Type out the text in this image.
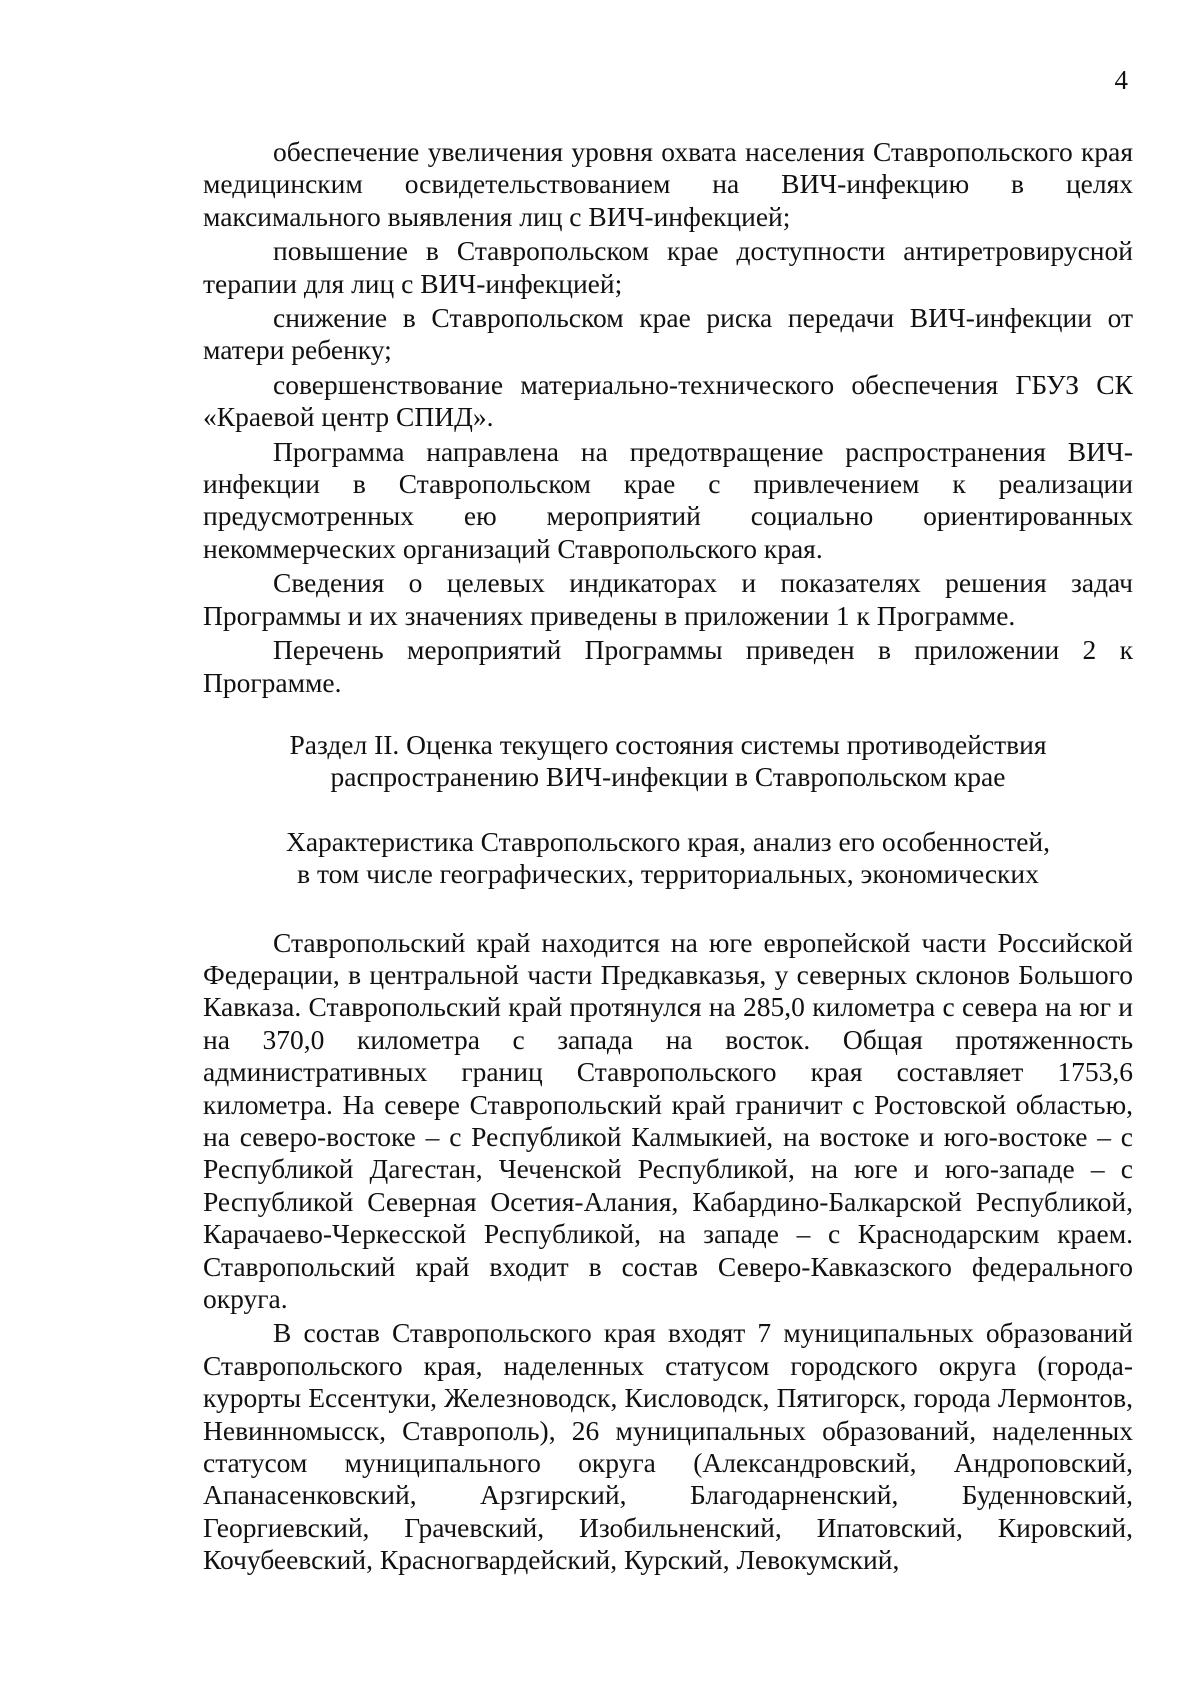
4

обеспечение увеличения уровня охвата населения Ставропольского края медицинским освидетельствованием на ВИЧ-инфекцию в целях максимального выявления лиц с ВИЧ-инфекцией;

повышение в Ставропольском крае доступности антиретровирусной терапии для лиц с ВИЧ-инфекцией;

снижение в Ставропольском крае риска передачи ВИЧ-инфекции от матери ребенку;

совершенствование материально-технического обеспечения ГБУЗ СК «Краевой центр СПИД».

Программа направлена на предотвращение распространения ВИЧ-инфекции в Ставропольском крае с привлечением к реализации предусмотренных ею мероприятий социально ориентированных некоммерческих организаций Ставропольского края.

Сведения о целевых индикаторах и показателях решения задач Программы и их значениях приведены в приложении 1 к Программе.

Перечень мероприятий Программы приведен в приложении 2 к Программе.

Раздел II. Оценка текущего состояния системы противодействия
распространению ВИЧ-инфекции в Ставропольском крае
Характеристика Ставропольского края, анализ его особенностей,
в том числе географических, территориальных, экономических

Ставропольский край находится на юге европейской части Российской Федерации, в центральной части Предкавказья, у северных склонов Большого Кавказа. Ставропольский край протянулся на 285,0 километра с севера на юг и на 370,0 километра с запада на восток. Общая протяженность административных границ Ставропольского края составляет 1753,6 километра. На севере Ставропольский край граничит с Ростовской областью, на северо-востоке – с Республикой Калмыкией, на востоке и юго-востоке – с Республикой Дагестан, Чеченской Республикой, на юге и юго-западе – с Республикой Северная Осетия-Алания, Кабардино-Балкарской Республикой, Карачаево-Черкесской Республикой, на западе – с Краснодарским краем. Ставропольский край входит в состав Северо-Кавказского федерального округа.

В состав Ставропольского края входят 7 муниципальных образований Ставропольского края, наделенных статусом городского округа (города-курорты Ессентуки, Железноводск, Кисловодск, Пятигорск, города Лермонтов, Невинномысск, Ставрополь), 26 муниципальных образований, наделенных статусом муниципального округа (Александровский, Андроповский, Апанасенковский, Арзгирский, Благодарненский, Буденновский, Георгиевский, Грачевский, Изобильненский, Ипатовский, Кировский, Кочубеевский, Красногвардейский, Курский, Левокумский,
